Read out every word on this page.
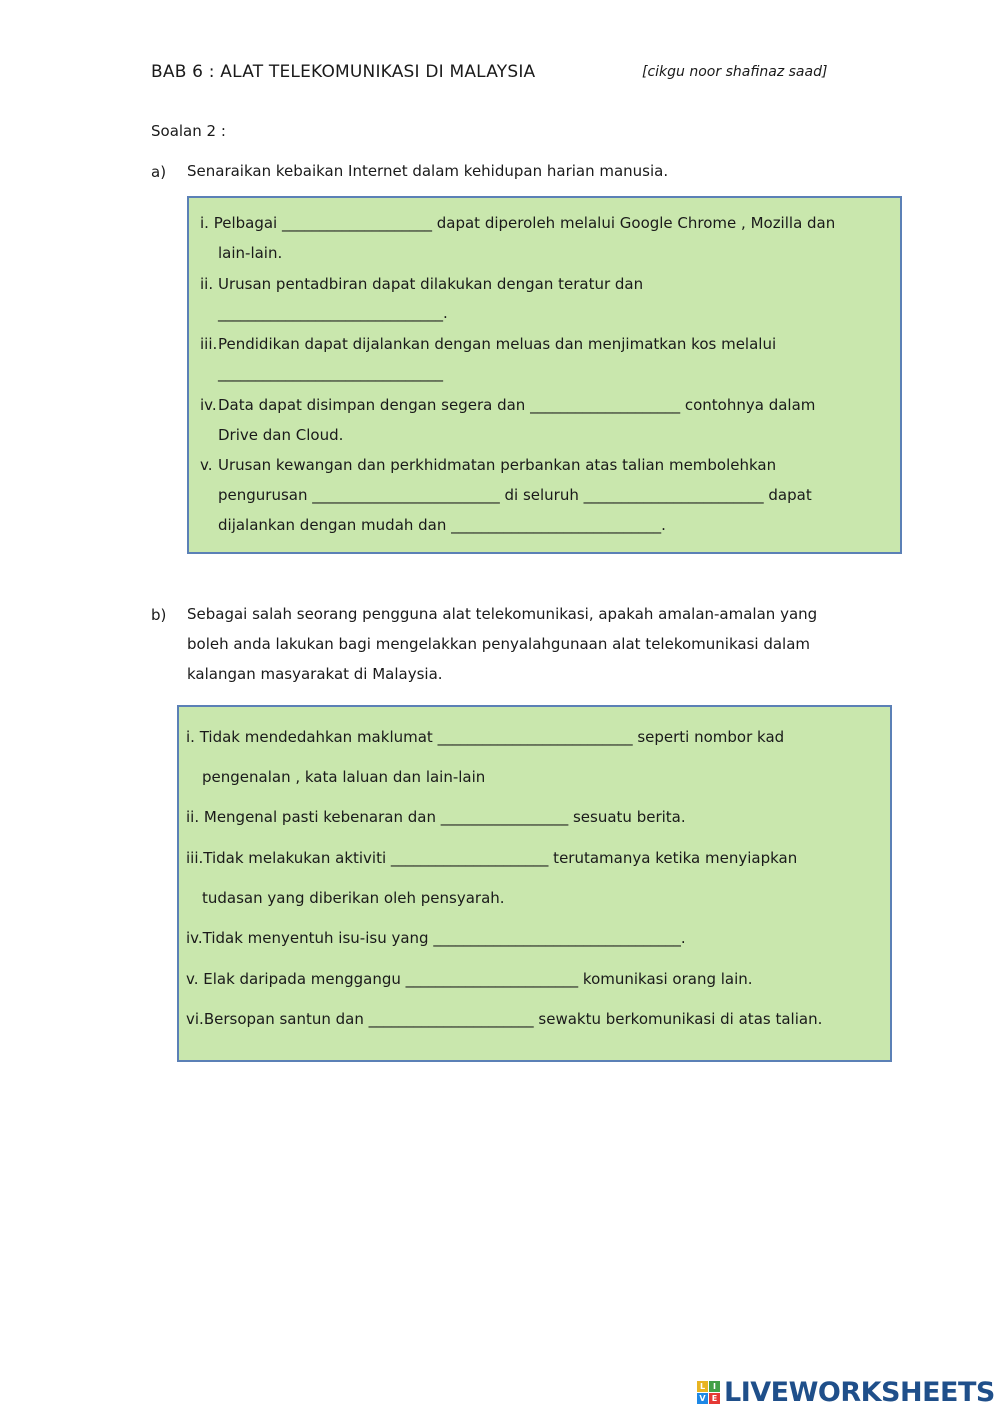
BAB 6 : ALAT TELEKOMUNIKASI DI MALAYSIA	[cikgu noor shafinaz saad]
Soalan 2 :
a) Senaraikan kebaikan Internet dalam kehidupan harian manusia.
i. Pelbagai ____________________ dapat diperoleh melalui Google Chrome , Mozilla dan
lain-lain.
ii. Urusan pentadbiran dapat dilakukan dengan teratur dan
______________________________.
iii. Pendidikan dapat dijalankan dengan meluas dan menjimatkan kos melalui
______________________________
iv. Data dapat disimpan dengan segera dan ____________________ contohnya dalam
Drive dan Cloud.
v. Urusan kewangan dan perkhidmatan perbankan atas talian membolehkan
pengurusan _________________________ di seluruh ________________________ dapat
dijalankan dengan mudah dan ____________________________.
b) Sebagai salah seorang pengguna alat telekomunikasi, apakah amalan-amalan yang
boleh anda lakukan bagi mengelakkan penyalahgunaan alat telekomunikasi dalam
kalangan masyarakat di Malaysia.
i. Tidak mendedahkan maklumat __________________________ seperti nombor kad
pengenalan , kata laluan dan lain-lain
ii. Mengenal pasti kebenaran dan _________________ sesuatu berita.
iii.Tidak melakukan aktiviti _____________________ terutamanya ketika menyiapkan
tudasan yang diberikan oleh pensyarah.
iv.Tidak menyentuh isu-isu yang _________________________________.
v. Elak daripada menggangu _______________________ komunikasi orang lain.
vi.Bersopan santun dan ______________________ sewaktu berkomunikasi di atas talian.
L I
V E LIVEWORKSHEETS
